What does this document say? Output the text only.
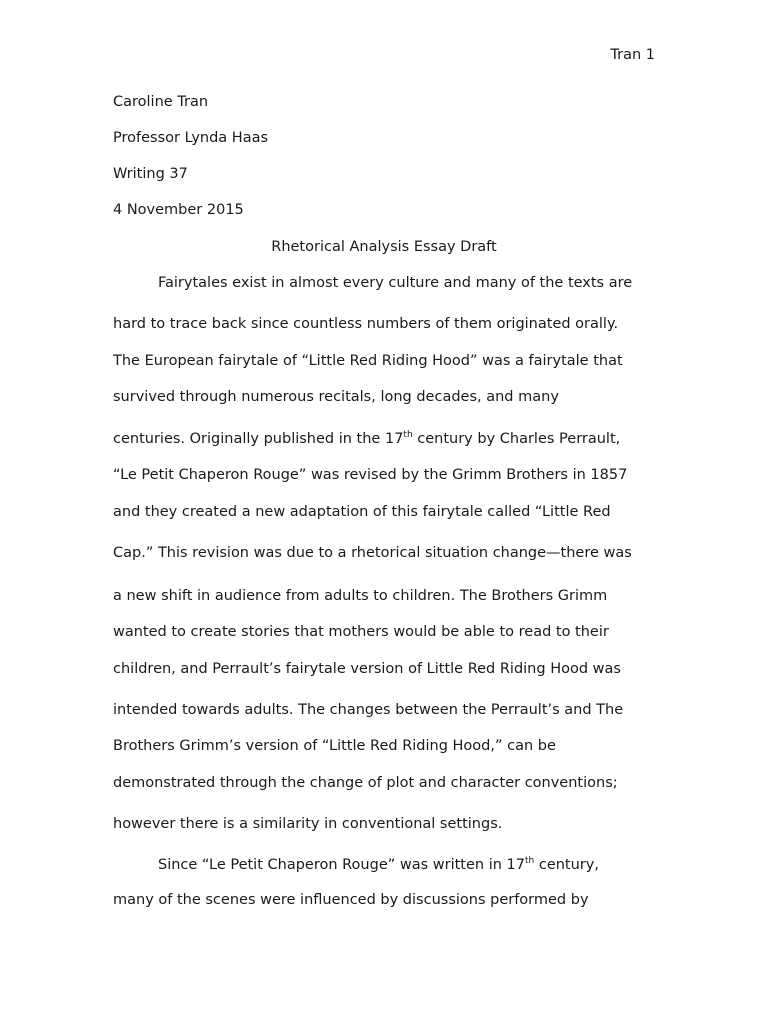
Tran 1
Caroline Tran
Professor Lynda Haas
Writing 37
4 November 2015
Rhetorical Analysis Essay Draft
Fairytales exist in almost every culture and many of the texts are
hard to trace back since countless numbers of them originated orally.
The European fairytale of “Little Red Riding Hood” was a fairytale that
survived through numerous recitals, long decades, and many
centuries. Originally published in the 17th century by Charles Perrault,
“Le Petit Chaperon Rouge” was revised by the Grimm Brothers in 1857
and they created a new adaptation of this fairytale called “Little Red
Cap.” This revision was due to a rhetorical situation change—there was
a new shift in audience from adults to children. The Brothers Grimm
wanted to create stories that mothers would be able to read to their
children, and Perrault’s fairytale version of Little Red Riding Hood was
intended towards adults. The changes between the Perrault’s and The
Brothers Grimm’s version of “Little Red Riding Hood,” can be
demonstrated through the change of plot and character conventions;
however there is a similarity in conventional settings.
Since “Le Petit Chaperon Rouge” was written in 17th century,
many of the scenes were influenced by discussions performed by
